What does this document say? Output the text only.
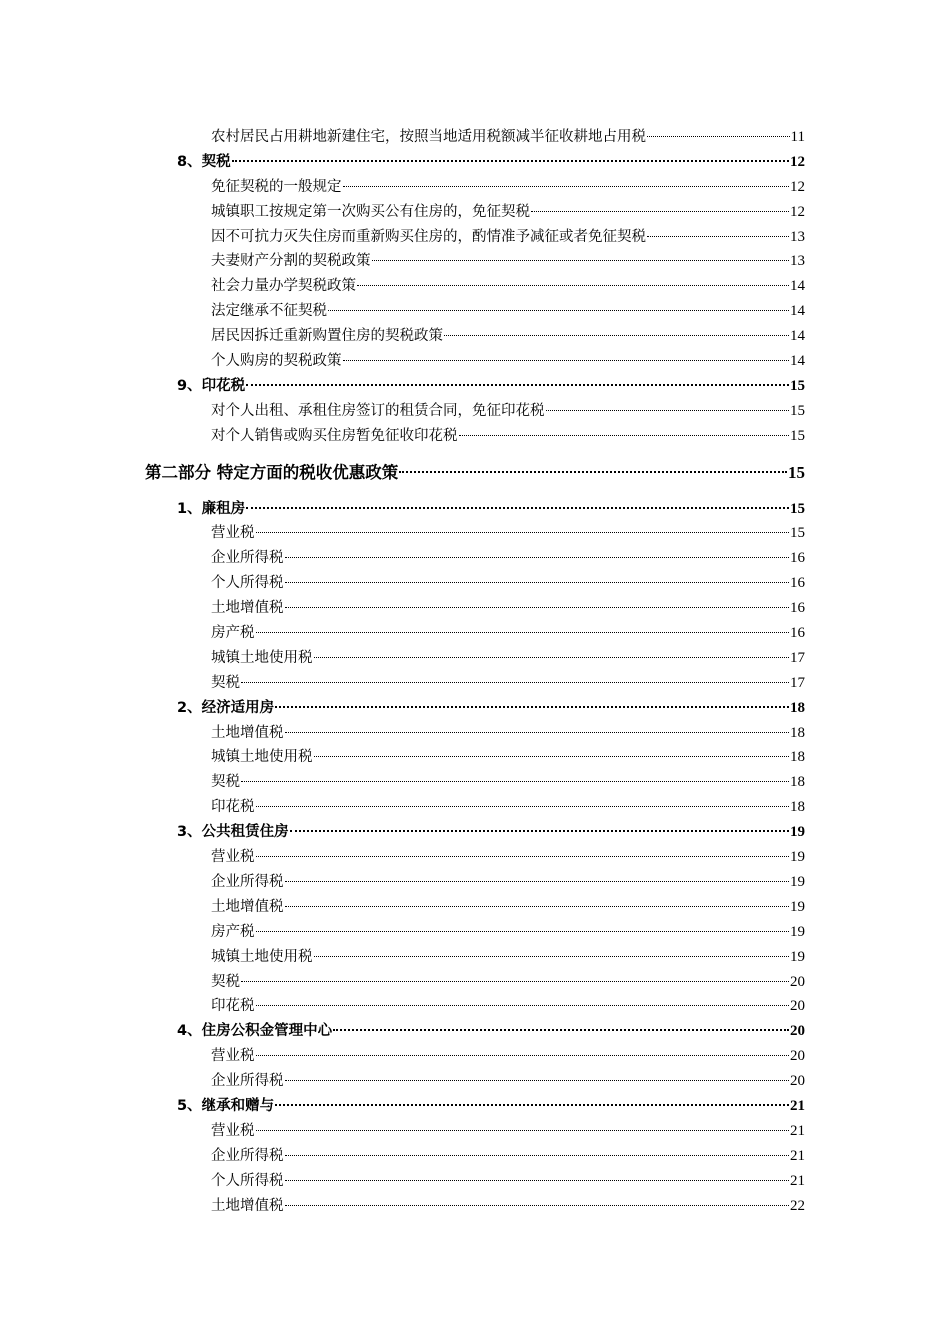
农村居民占用耕地新建住宅，按照当地适用税额减半征收耕地占用税	11
8、契税	12
免征契税的一般规定	12
城镇职工按规定第一次购买公有住房的，免征契税	12
因不可抗力灭失住房而重新购买住房的，酌情准予减征或者免征契税	13
夫妻财产分割的契税政策	13
社会力量办学契税政策	14
法定继承不征契税	14
居民因拆迁重新购置住房的契税政策	14
个人购房的契税政策	14
9、印花税	15
对个人出租、承租住房签订的租赁合同，免征印花税	15
对个人销售或购买住房暂免征收印花税	15
第二部分 特定方面的税收优惠政策	15
1、廉租房	15
营业税	15
企业所得税	16
个人所得税	16
土地增值税	16
房产税	16
城镇土地使用税	17
契税	17
2、经济适用房	18
土地增值税	18
城镇土地使用税	18
契税	18
印花税	18
3、公共租赁住房	19
营业税	19
企业所得税	19
土地增值税	19
房产税	19
城镇土地使用税	19
契税	20
印花税	20
4、住房公积金管理中心	20
营业税	20
企业所得税	20
5、继承和赠与	21
营业税	21
企业所得税	21
个人所得税	21
土地增值税	22
